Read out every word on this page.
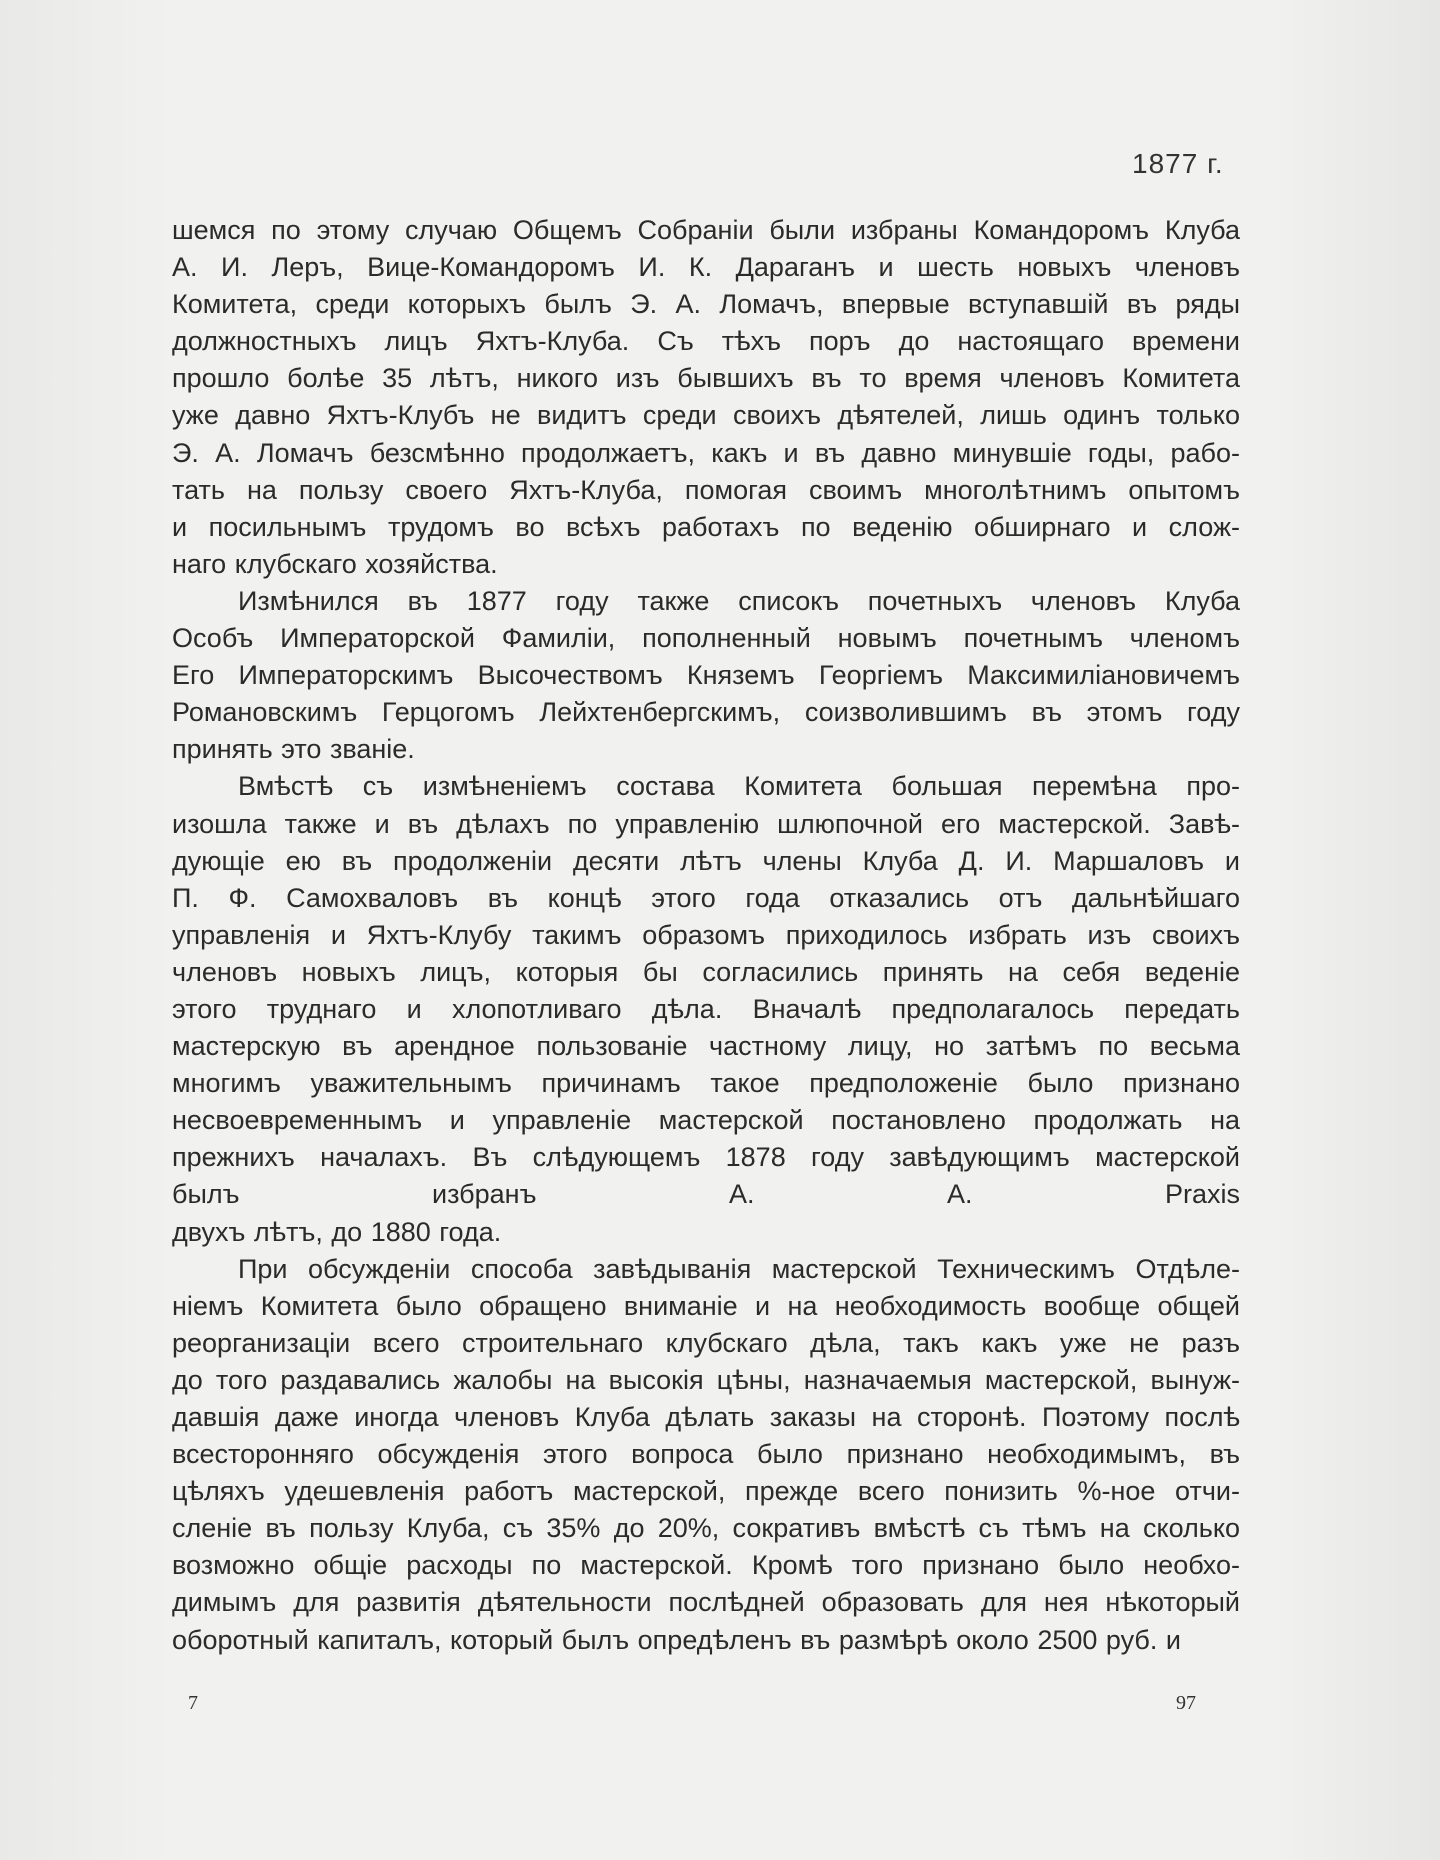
1877 г.
шемся по этому случаю Общемъ Собраніи были избраны Командоромъ Клуба
А. И. Леръ, Вице-Командоромъ И. К. Дараганъ и шесть новыхъ членовъ
Комитета, среди которыхъ былъ Э. А. Ломачъ, впервые вступавшій въ ряды
должностныхъ лицъ Яхтъ-Клуба. Съ тѣхъ поръ до настоящаго времени
прошло болѣе 35 лѣтъ, никого изъ бывшихъ въ то время членовъ Комитета
уже давно Яхтъ-Клубъ не видитъ среди своихъ дѣятелей, лишь одинъ только
Э. А. Ломачъ безсмѣнно продолжаетъ, какъ и въ давно минувшіе годы, рабо-
тать на пользу своего Яхтъ-Клуба, помогая своимъ многолѣтнимъ опытомъ
и посильнымъ трудомъ во всѣхъ работахъ по веденію обширнаго и слож-
наго клубскаго хозяйства.
Измѣнился въ 1877 году также списокъ почетныхъ членовъ Клуба
Особъ Императорской Фамиліи, пополненный новымъ почетнымъ членомъ
Его Императорскимъ Высочествомъ Княземъ Георгіемъ Максимиліановичемъ
Романовскимъ Герцогомъ Лейхтенбергскимъ, соизволившимъ въ этомъ году
принять это званіе.
Вмѣстѣ съ измѣненіемъ состава Комитета большая перемѣна про-
изошла также и въ дѣлахъ по управленію шлюпочной его мастерской. Завѣ-
дующіе ею въ продолженіи десяти лѣтъ члены Клуба Д. И. Маршаловъ и
П. Ф. Самохваловъ въ концѣ этого года отказались отъ дальнѣйшаго
управленія и Яхтъ-Клубу такимъ образомъ приходилось избрать изъ своихъ
членовъ новыхъ лицъ, которыя бы согласились принять на себя веденіе
этого труднаго и хлопотливаго дѣла. Вначалѣ предполагалось передать
мастерскую въ арендное пользованіе частному лицу, но затѣмъ по весьма
многимъ уважительнымъ причинамъ такое предположеніе было признано
несвоевременнымъ и управленіе мастерской постановлено продолжать на
прежнихъ началахъ. Въ слѣдующемъ 1878 году завѣдующимъ мастерской
былъ избранъ А. А. Praxis
двухъ лѣтъ, до 1880 года.
При обсужденіи способа завѣдыванія мастерской Техническимъ Отдѣле-
ніемъ Комитета было обращено вниманіе и на необходимость вообще общей
реорганизаціи всего строительнаго клубскаго дѣла, такъ какъ уже не разъ
до того раздавались жалобы на высокія цѣны, назначаемыя мастерской, вынуж-
давшія даже иногда членовъ Клуба дѣлать заказы на сторонѣ. Поэтому послѣ
всесторонняго обсужденія этого вопроса было признано необходимымъ, въ
цѣляхъ удешевленія работъ мастерской, прежде всего понизить %-ное отчи-
сленіе въ пользу Клуба, съ 35% до 20%, сокративъ вмѣстѣ съ тѣмъ на сколько
возможно общіе расходы по мастерской. Кромѣ того признано было необхо-
димымъ для развитія дѣятельности послѣдней образовать для нея нѣкоторый
оборотный капиталъ, который былъ опредѣленъ въ размѣрѣ около 2500 руб. и
7	97
